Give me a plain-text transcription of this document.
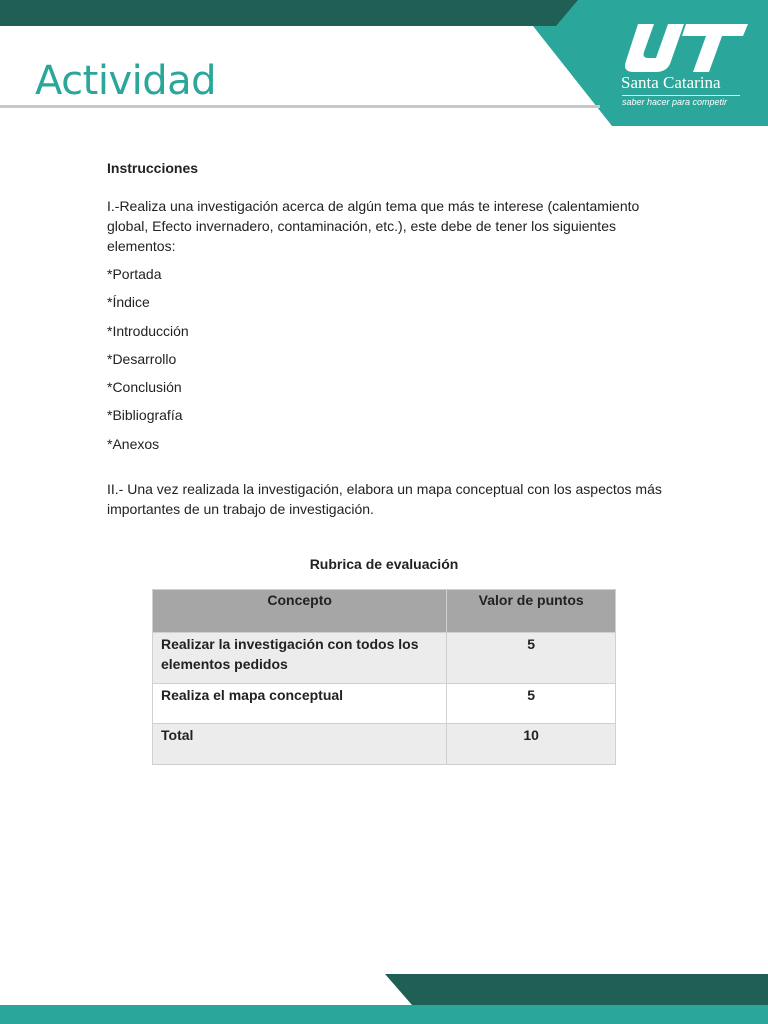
Actividad	Santa Catarina
saber hacer para competir

Instrucciones

I.-Realiza una investigación acerca de algún tema que más te interese (calentamiento global, Efecto invernadero, contaminación, etc.), este debe de tener los siguientes elementos:

*Portada
*Índice
*Introducción
*Desarrollo
*Conclusión
*Bibliografía
*Anexos

II.- Una vez realizada la investigación, elabora un mapa conceptual con los aspectos más importantes de un trabajo de investigación.

Rubrica de evaluación
Concepto	Valor de puntos
Realizar la investigación con todos los elementos pedidos	5
Realiza el mapa conceptual	5
Total	10
